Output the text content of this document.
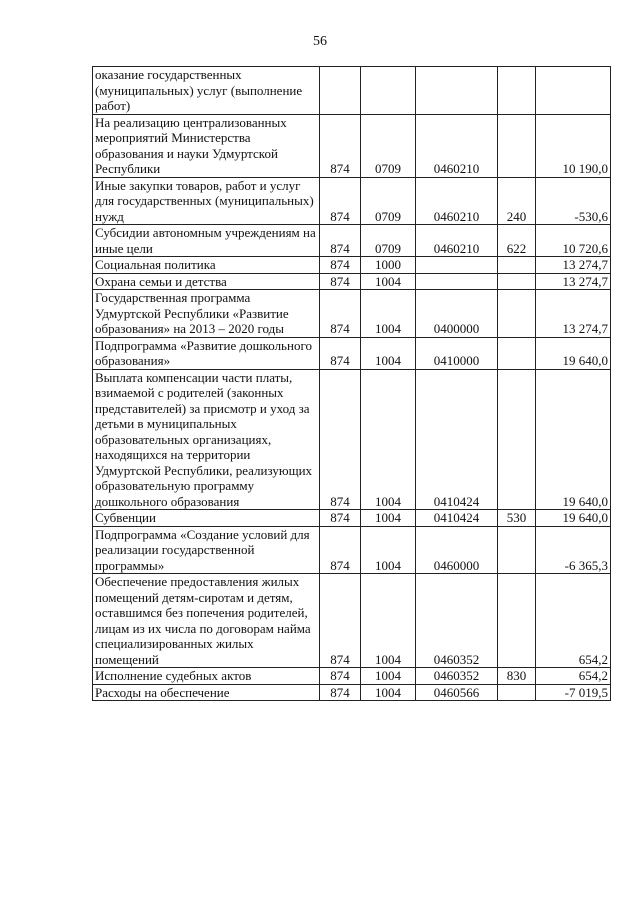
56
оказание государственных (муниципальных) услуг (выполнение работ)					
На реализацию централизованных мероприятий Министерства образования и науки Удмуртской Республики	874	0709	0460210		10 190,0
Иные закупки товаров, работ и услуг для государственных (муниципальных) нужд	874	0709	0460210	240	-530,6
Субсидии автономным учреждениям на иные цели	874	0709	0460210	622	10 720,6
Социальная политика	874	1000			13 274,7
Охрана семьи и детства	874	1004			13 274,7
Государственная программа Удмуртской Республики «Развитие образования» на 2013 – 2020 годы	874	1004	0400000		13 274,7
Подпрограмма «Развитие дошкольного образования»	874	1004	0410000		19 640,0
Выплата компенсации части платы, взимаемой с родителей (законных представителей) за присмотр и уход за детьми в муниципальных образовательных организациях, находящихся на территории Удмуртской Республики, реализующих образовательную программу дошкольного образования	874	1004	0410424		19 640,0
Субвенции	874	1004	0410424	530	19 640,0
Подпрограмма «Создание условий для реализации государственной программы»	874	1004	0460000		-6 365,3
Обеспечение предоставления жилых помещений детям-сиротам и детям, оставшимся без попечения родителей, лицам из их числа по договорам найма специализированных жилых помещений	874	1004	0460352		654,2
Исполнение судебных актов	874	1004	0460352	830	654,2
Расходы на обеспечение	874	1004	0460566		-7 019,5
